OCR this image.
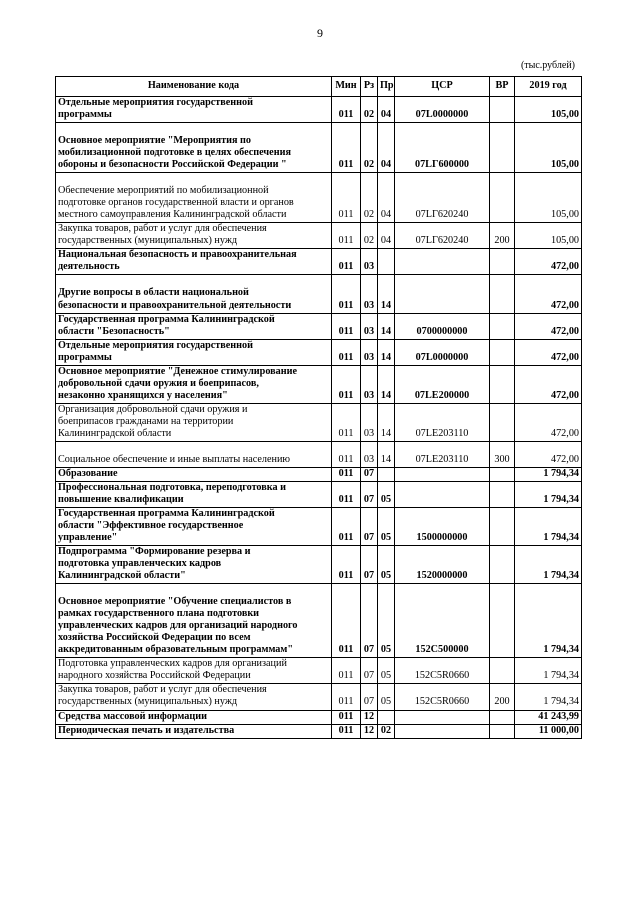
9
(тыс.рублей)
Наименование кода	Мин	Рз	Пр	ЦСР	ВР	2019 год
Отдельные мероприятия государственной
программы	011	02	04	07L0000000		105,00

Основное мероприятие "Мероприятия по
мобилизационной подготовке в целях обеспечения
обороны и безопасности Российской Федерации "	011	02	04	07LГ600000		105,00

Обеспечение мероприятий по мобилизационной
подготовке органов государственной власти и органов
местного самоуправления Калининградской области	011	02	04	07LГ620240		105,00
Закупка товаров, работ и услуг для обеспечения
государственных (муниципальных) нужд	011	02	04	07LГ620240	200	105,00
Национальная безопасность и правоохранительная
деятельность	011	03				472,00

Другие вопросы в области национальной
безопасности и правоохранительной деятельности	011	03	14			472,00
Государственная программа Калининградской
области "Безопасность"	011	03	14	0700000000		472,00
Отдельные мероприятия государственной
программы	011	03	14	07L0000000		472,00
Основное мероприятие "Денежное стимулирование
добровольной сдачи оружия и боеприпасов,
незаконно хранящихся у населения"	011	03	14	07LE200000		472,00
Организация добровольной сдачи оружия и
боеприпасов гражданами на территории
Калининградской области	011	03	14	07LE203110		472,00

Социальное обеспечение и иные выплаты населению	011	03	14	07LE203110	300	472,00
Образование	011	07				1 794,34
Профессиональная подготовка, переподготовка и
повышение квалификации	011	07	05			1 794,34
Государственная программа Калининградской
области "Эффективное государственное
управление"	011	07	05	1500000000		1 794,34
Подпрограмма "Формирование резерва и
подготовка управленческих кадров
Калининградской области"	011	07	05	1520000000		1 794,34

Основное мероприятие "Обучение специалистов в
рамках государственного плана подготовки
управленческих кадров для организаций народного
хозяйства Российской Федерации по всем
аккредитованным образовательным программам"	011	07	05	152C500000		1 794,34
Подготовка управленческих кадров для организаций
народного хозяйства Российской Федерации	011	07	05	152C5R0660		1 794,34
Закупка товаров, работ и услуг для обеспечения
государственных (муниципальных) нужд	011	07	05	152C5R0660	200	1 794,34
Средства массовой информации	011	12				41 243,99
Периодическая печать и издательства	011	12	02			11 000,00
